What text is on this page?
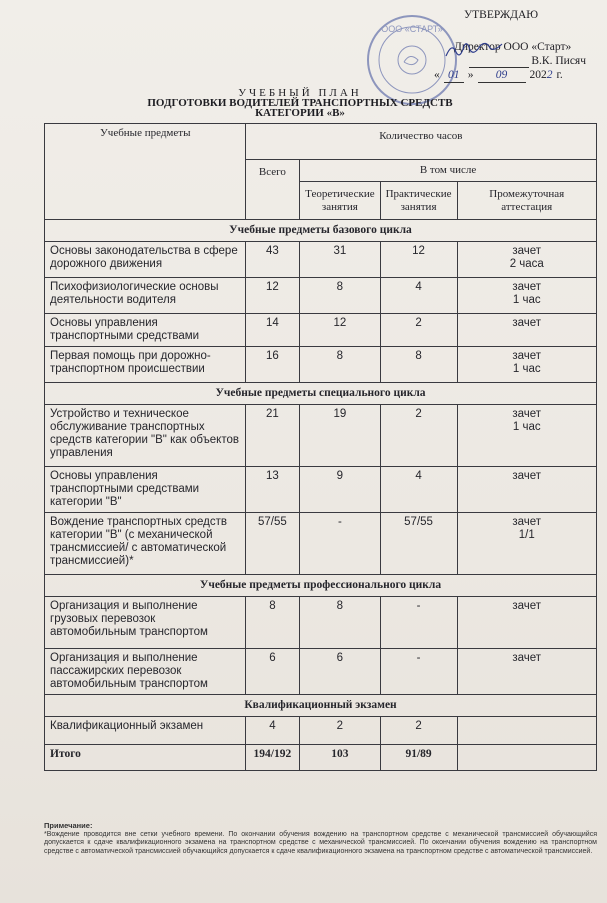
ООО «СТАРТ»
УТВЕРЖДАЮ
Директор ООО «Старт»
В.К. Писяч
« 01 »	09	2022 г.
УЧЕБНЫЙ ПЛАН
ПОДГОТОВКИ ВОДИТЕЛЕЙ ТРАНСПОРТНЫХ СРЕДСТВ
КАТЕГОРИИ «В»
Учебные предметы	Количество часов			
	Всего	В том числе		
		Теоретические занятия	Практические занятия	Промежуточная аттестация
Учебные предметы базового цикла				
Основы законодательства в сфере дорожного движения	43	31	12	зачет
2 часа

Психофизиологические основы деятельности водителя	12	8	4	зачет
1 час

Основы управления транспортными средствами	14	12	2	зачет

Первая помощь при дорожно-транспортном происшествии	16	8	8	зачет
1 час

Учебные предметы специального цикла				
Устройство и техническое обслуживание транспортных средств категории "В" как объектов управления	21	19	2	зачет
1 час

Основы управления транспортными средствами категории "В"	13	9	4	зачет

Вождение транспортных средств категории "В" (с механической трансмиссией/ с автоматической трансмиссией)*	57/55	-	57/55	зачет
1/1

Учебные предметы профессионального цикла				
Организация и выполнение грузовых перевозок автомобильным транспортом	8	8	-	зачет

Организация и выполнение пассажирских перевозок автомобильным транспортом	6	6	-	зачет

Квалификационный экзамен				
Квалификационный экзамен	4	2	2	

Итого	194/192	103	91/89	
Примечание:
*Вождение проводится вне сетки учебного времени. По окончании обучения вождению на транспортном средстве с механической трансмиссией обучающийся допускается к сдаче квалификационного экзамена на транспортном средстве с механической трансмиссией. По окончании обучения вождению на транспортном средстве с автоматической трансмиссией обучающийся допускается к сдаче квалификационного экзамена на транспортном средстве с автоматической трансмиссией.
